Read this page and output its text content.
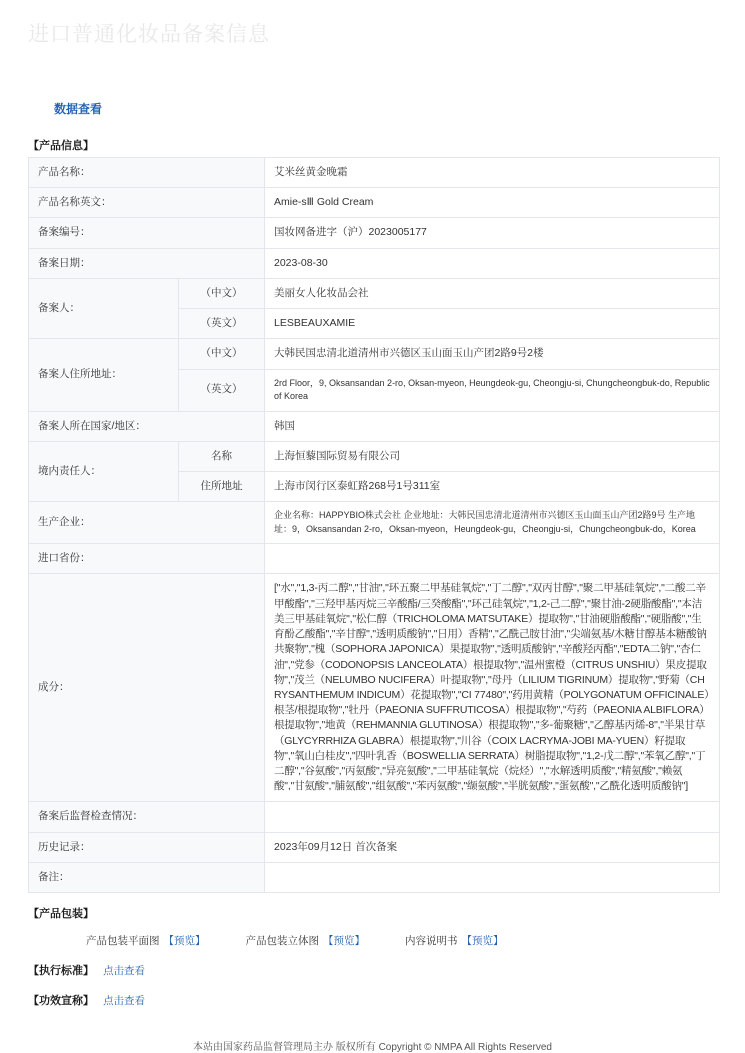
进口普通化妆品备案信息
数据查看
【产品信息】
产品名称：		艾米丝黄金晚霜
产品名称英文：		Amie-sⅢ Gold Cream
备案编号：		国妆网备进字（沪）2023005177
备案日期：		2023-08-30
备案人：	（中文）	美丽女人化妆品会社
	（英文）	LESBEAUXAMIE
备案人住所地址：	（中文）	大韩民国忠清北道清州市兴德区玉山面玉山产团2路9号2楼
	（英文）	2rd Floor，9, Oksansandan 2-ro, Oksan-myeon, Heungdeok-gu, Cheongju-si, Chungcheongbuk-do, Republic of Korea
备案人所在国家/地区：		韩国
境内责任人：	名称	上海恒藜国际贸易有限公司
	住所地址	上海市闵行区泰虹路268号1号311室
生产企业：		企业名称：HAPPYBIO株式会社 企业地址：大韩民国忠清北道清州市兴德区玉山面玉山产团2路9号 生产地址：9，Oksansandan 2-ro，Oksan-myeon，Heungdeok-gu，Cheongju-si，Chungcheongbuk-do，Korea
进口省份：		
成分：		["水","1,3-丙二醇","甘油","环五聚二甲基硅氧烷","丁二醇","双丙甘醇","聚二甲基硅氧烷","二酸二辛甲酸酯","三羟甲基丙烷三辛酸酯/三癸酸酯","环己硅氧烷","1,2-己二醇","聚甘油-2硬脂酸酯","本洁美三甲基硅氧烷","松仁醇（TRICHOLOMA MATSUTAKE）提取物","甘油硬脂酸酯","硬脂酸","生育酚乙酸酯","辛甘醇","透明质酸钠","日用）香精","乙酰己胺甘油","尖端氨基/木糖甘醇基本糖酸钠共聚物","槐（SOPHORA JAPONICA）果提取物","透明质酸钠","辛酸羟丙酯","EDTA二钠","杏仁油","党参（CODONOPSIS LANCEOLATA）根提取物","温州蜜橙（CITRUS UNSHIU）果皮提取物","茂兰（NELUMBO NUCIFERA）叶提取物","母丹（LILIUM TIGRINUM）提取物","野菊（CHRYSANTHEMUM INDICUM）花提取物","CI 77480","药用黄精（POLYGONATUM OFFICINALE）根茎/根提取物","牡丹（PAEONIA SUFFRUTICOSA）根提取物","芍药（PAEONIA ALBIFLORA）根提取物","地黄（REHMANNIA GLUTINOSA）根提取物","多-葡聚糖","乙醇基丙烯-8","半果甘草（GLYCYRRHIZA GLABRA）根提取物","川谷（COIX LACRYMA-JOBI MA-YUEN）籽提取物","氧山白桂皮","四叶乳香（BOSWELLIA SERRATA）树脂提取物","1,2-戊二醇","苯氧乙醇","丁二醇","谷氨酸","丙氨酸","异亮氨酸","二甲基硅氧烷（烷烃）","水解透明质酸","精氨酸","赖氨酸","甘氨酸","脯氨酸","组氨酸","苯丙氨酸","缬氨酸","半胱氨酸","蛋氨酸","乙酰化透明质酸钠"]
备案后监督检查情况：		
历史记录：		2023年09月12日 首次备案
备注：		
【产品包装】
产品包装平面图 【预览】	产品包装立体图 【预览】	内容说明书 【预览】
【执行标准】 点击查看
【功效宣称】 点击查看
本站由国家药品监督管理局主办 版权所有 Copyright © NMPA All Rights Reserved
